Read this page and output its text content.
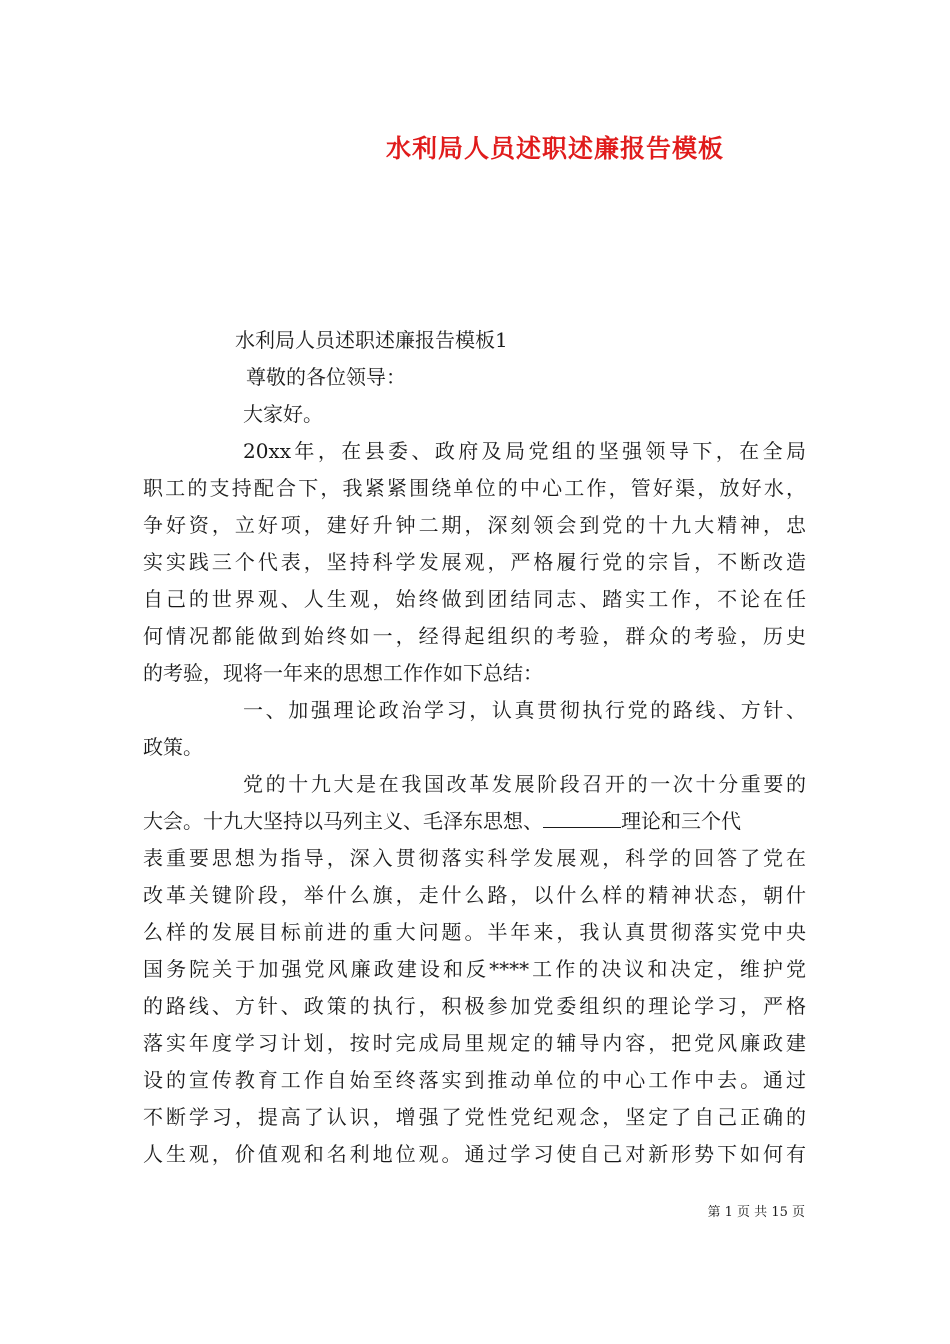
水利局人员述职述廉报告模板
水利局人员述职述廉报告模板1
尊敬的各位领导：
大家好。
20xx年，在县委、政府及局党组的坚强领导下，在全局
职工的支持配合下，我紧紧围绕单位的中心工作，管好渠，放好水，
争好资，立好项，建好升钟二期，深刻领会到党的十九大精神，忠
实实践三个代表，坚持科学发展观，严格履行党的宗旨，不断改造
自己的世界观、人生观，始终做到团结同志、踏实工作，不论在任
何情况都能做到始终如一，经得起组织的考验，群众的考验，历史
的考验，现将一年来的思想工作作如下总结：
一、加强理论政治学习，认真贯彻执行党的路线、方针、
政策。
党的十九大是在我国改革发展阶段召开的一次十分重要的
大会。十九大坚持以马列主义、毛泽东思想、	理论和三个代
表重要思想为指导，深入贯彻落实科学发展观，科学的回答了党在
改革关键阶段，举什么旗，走什么路，以什么样的精神状态，朝什
么样的发展目标前进的重大问题。半年来，我认真贯彻落实党中央
国务院关于加强党风廉政建设和反****工作的决议和决定，维护党
的路线、方针、政策的执行，积极参加党委组织的理论学习，严格
落实年度学习计划，按时完成局里规定的辅导内容，把党风廉政建
设的宣传教育工作自始至终落实到推动单位的中心工作中去。通过
不断学习，提高了认识，增强了党性党纪观念，坚定了自己正确的
人生观，价值观和名利地位观。通过学习使自己对新形势下如何有
第 1 页 共 15 页
